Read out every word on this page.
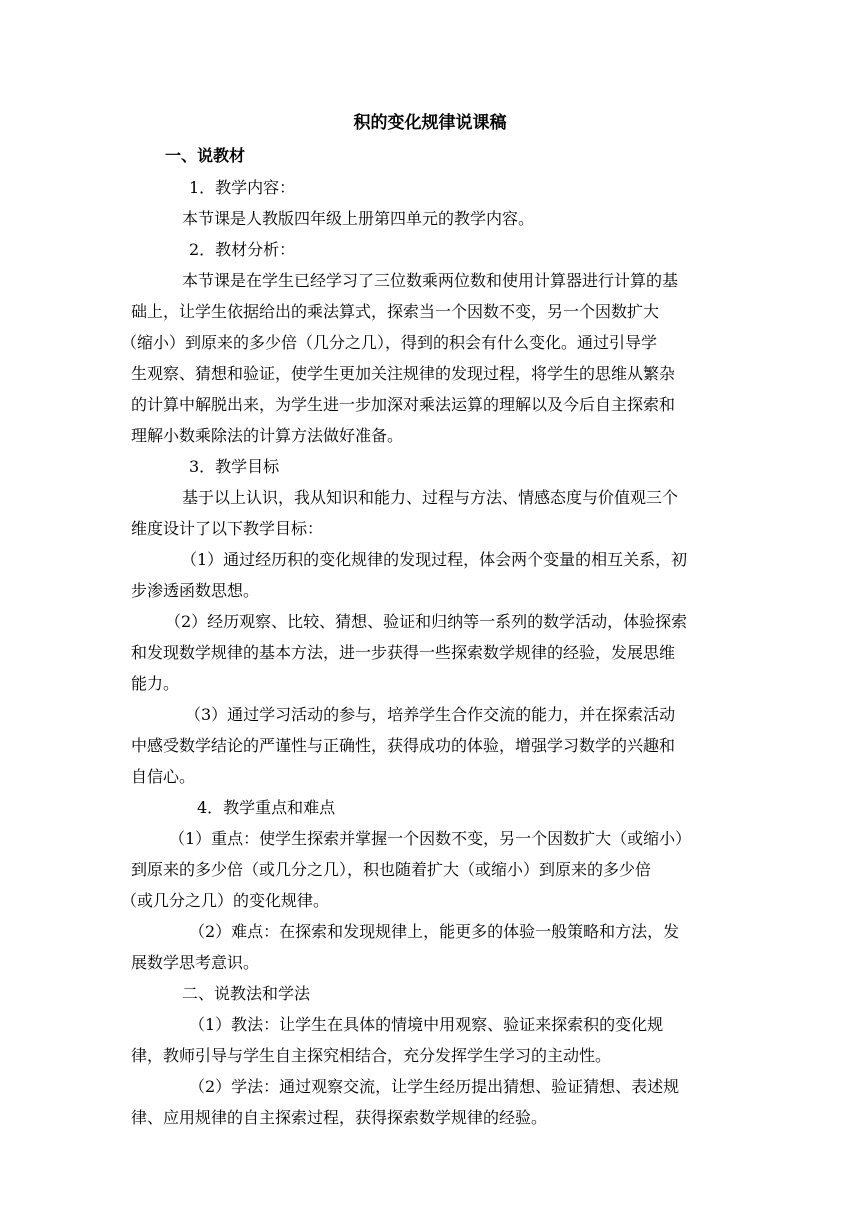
积的变化规律说课稿
一、说教材
1．教学内容：
本节课是人教版四年级上册第四单元的教学内容。
2．教材分析：
本节课是在学生已经学习了三位数乘两位数和使用计算器进行计算的基
础上，让学生依据给出的乘法算式，探索当一个因数不变，另一个因数扩大
（缩小）到原来的多少倍（几分之几），得到的积会有什么变化。通过引导学
生观察、猜想和验证，使学生更加关注规律的发现过程，将学生的思维从繁杂
的计算中解脱出来，为学生进一步加深对乘法运算的理解以及今后自主探索和
理解小数乘除法的计算方法做好准备。
3．教学目标
基于以上认识，我从知识和能力、过程与方法、情感态度与价值观三个
维度设计了以下教学目标：
（1）通过经历积的变化规律的发现过程，体会两个变量的相互关系，初
步渗透函数思想。
（2）经历观察、比较、猜想、验证和归纳等一系列的数学活动，体验探索
和发现数学规律的基本方法，进一步获得一些探索数学规律的经验，发展思维
能力。
（3）通过学习活动的参与，培养学生合作交流的能力，并在探索活动
中感受数学结论的严谨性与正确性，获得成功的体验，增强学习数学的兴趣和
自信心。
4．教学重点和难点
（1）重点：使学生探索并掌握一个因数不变，另一个因数扩大（或缩小）
到原来的多少倍（或几分之几），积也随着扩大（或缩小）到原来的多少倍
（或几分之几）的变化规律。
（2）难点：在探索和发现规律上，能更多的体验一般策略和方法，发
展数学思考意识。
二、说教法和学法
（1）教法：让学生在具体的情境中用观察、验证来探索积的变化规
律，教师引导与学生自主探究相结合，充分发挥学生学习的主动性。
（2）学法：通过观察交流，让学生经历提出猜想、验证猜想、表述规
律、应用规律的自主探索过程，获得探索数学规律的经验。
